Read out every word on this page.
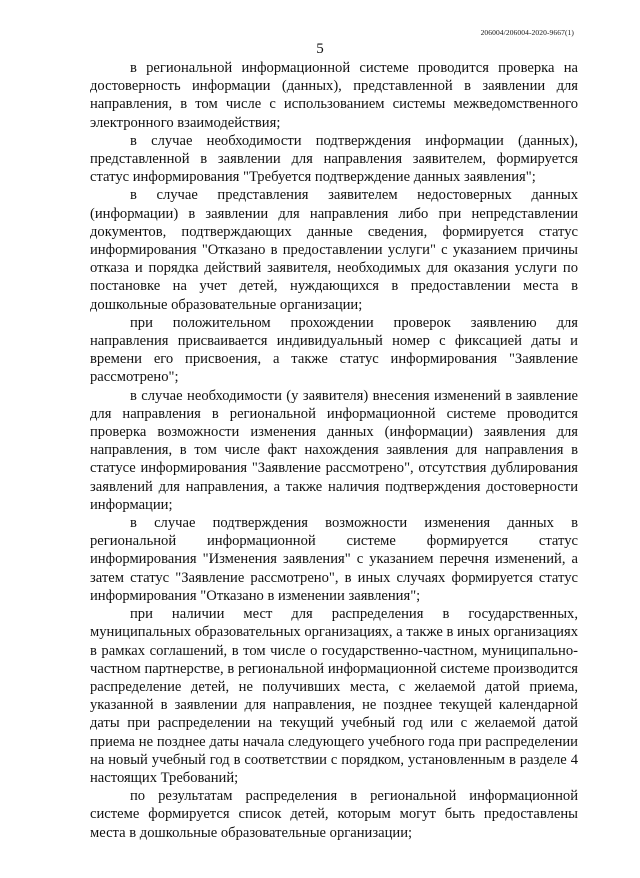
206004/206004-2020-9667(1)
5

в региональной информационной системе проводится проверка на достоверность информации (данных), представленной в заявлении для направления, в том числе с использованием системы межведомственного электронного взаимодействия;

в случае необходимости подтверждения информации (данных), представленной в заявлении для направления заявителем, формируется статус информирования "Требуется подтверждение данных заявления";

в случае представления заявителем недостоверных данных (информации) в заявлении для направления либо при непредставлении документов, подтверждающих данные сведения, формируется статус информирования "Отказано в предоставлении услуги" с указанием причины отказа и порядка действий заявителя, необходимых для оказания услуги по постановке на учет детей, нуждающихся в предоставлении места в дошкольные образовательные организации;

при положительном прохождении проверок заявлению для направления присваивается индивидуальный номер с фиксацией даты и времени его присвоения, а также статус информирования "Заявление рассмотрено";

в случае необходимости (у заявителя) внесения изменений в заявление для направления в региональной информационной системе проводится проверка возможности изменения данных (информации) заявления для направления, в том числе факт нахождения заявления для направления в статусе информирования "Заявление рассмотрено", отсутствия дублирования заявлений для направления, а также наличия подтверждения достоверности информации;

в случае подтверждения возможности изменения данных в региональной информационной системе формируется статус информирования "Изменения заявления" с указанием перечня изменений, а затем статус "Заявление рассмотрено", в иных случаях формируется статус информирования "Отказано в изменении заявления";

при наличии мест для распределения в государственных, муниципальных образовательных организациях, а также в иных организациях в рамках соглашений, в том числе о государственно-частном, муниципально-частном партнерстве, в региональной информационной системе производится распределение детей, не получивших места, с желаемой датой приема, указанной в заявлении для направления, не позднее текущей календарной даты при распределении на текущий учебный год или с желаемой датой приема не позднее даты начала следующего учебного года при распределении на новый учебный год в соответствии с порядком, установленным в разделе 4 настоящих Требований;

по результатам распределения в региональной информационной системе формируется список детей, которым могут быть предоставлены места в дошкольные образовательные организации;
